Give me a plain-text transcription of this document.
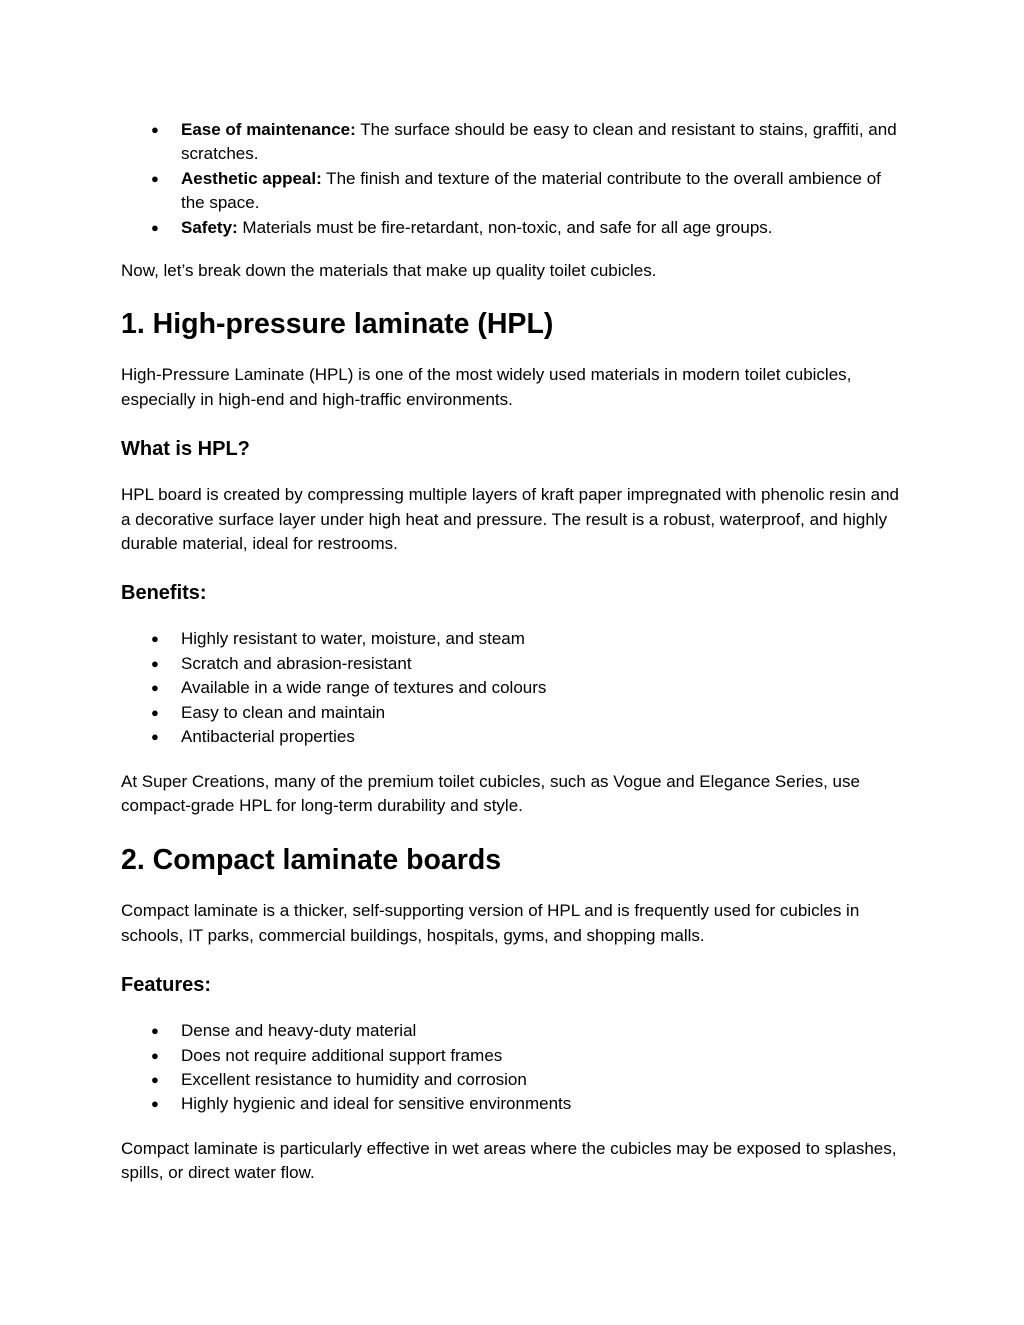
● Ease of maintenance: The surface should be easy to clean and resistant to stains, graffiti, and scratches.
● Aesthetic appeal: The finish and texture of the material contribute to the overall ambience of the space.
● Safety: Materials must be fire-retardant, non-toxic, and safe for all age groups.

Now, let’s break down the materials that make up quality toilet cubicles.

1. High-pressure laminate (HPL)

High-Pressure Laminate (HPL) is one of the most widely used materials in modern toilet cubicles, especially in high-end and high-traffic environments.

What is HPL?

HPL board is created by compressing multiple layers of kraft paper impregnated with phenolic resin and a decorative surface layer under high heat and pressure. The result is a robust, waterproof, and highly durable material, ideal for restrooms.

Benefits:
● Highly resistant to water, moisture, and steam
● Scratch and abrasion-resistant
● Available in a wide range of textures and colours
● Easy to clean and maintain
● Antibacterial properties

At Super Creations, many of the premium toilet cubicles, such as Vogue and Elegance Series, use compact-grade HPL for long-term durability and style.

2. Compact laminate boards

Compact laminate is a thicker, self-supporting version of HPL and is frequently used for cubicles in schools, IT parks, commercial buildings, hospitals, gyms, and shopping malls.

Features:
● Dense and heavy-duty material
● Does not require additional support frames
● Excellent resistance to humidity and corrosion
● Highly hygienic and ideal for sensitive environments

Compact laminate is particularly effective in wet areas where the cubicles may be exposed to splashes, spills, or direct water flow.
